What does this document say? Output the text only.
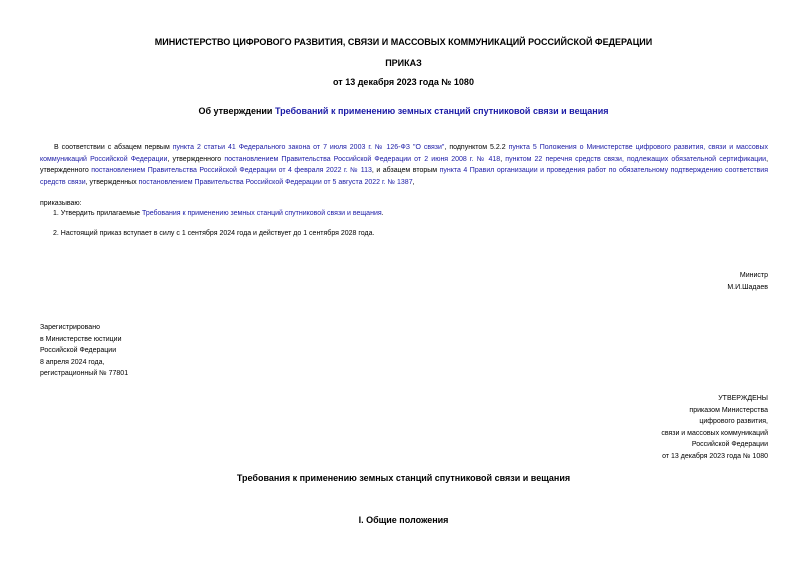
МИНИСТЕРСТВО ЦИФРОВОГО РАЗВИТИЯ, СВЯЗИ И МАССОВЫХ КОММУНИКАЦИЙ РОССИЙСКОЙ ФЕДЕРАЦИИ
ПРИКАЗ
от 13 декабря 2023 года № 1080
Об утверждении Требований к применению земных станций спутниковой связи и вещания
В соответствии с абзацем первым пункта 2 статьи 41 Федерального закона от 7 июля 2003 г. № 126-ФЗ "О связи", подпунктом 5.2.2 пункта 5 Положения о Министерстве цифрового развития, связи и массовых коммуникаций Российской Федерации, утвержденного постановлением Правительства Российской Федерации от 2 июня 2008 г. № 418, пунктом 22 перечня средств связи, подлежащих обязательной сертификации, утвержденного постановлением Правительства Российской Федерации от 4 февраля 2022 г. № 113, и абзацем вторым пункта 4 Правил организации и проведения работ по обязательному подтверждению соответствия средств связи, утвержденных постановлением Правительства Российской Федерации от 5 августа 2022 г. № 1387,
приказываю:
1. Утвердить прилагаемые Требования к применению земных станций спутниковой связи и вещания.
2. Настоящий приказ вступает в силу с 1 сентября 2024 года и действует до 1 сентября 2028 года.
Министр
М.И.Шадаев
Зарегистрировано
в Министерстве юстиции
Российской Федерации
8 апреля 2024 года,
регистрационный № 77801
УТВЕРЖДЕНЫ
приказом Министерства
цифрового развития,
связи и массовых коммуникаций
Российской Федерации
от 13 декабря 2023 года № 1080
Требования к применению земных станций спутниковой связи и вещания
I. Общие положения
